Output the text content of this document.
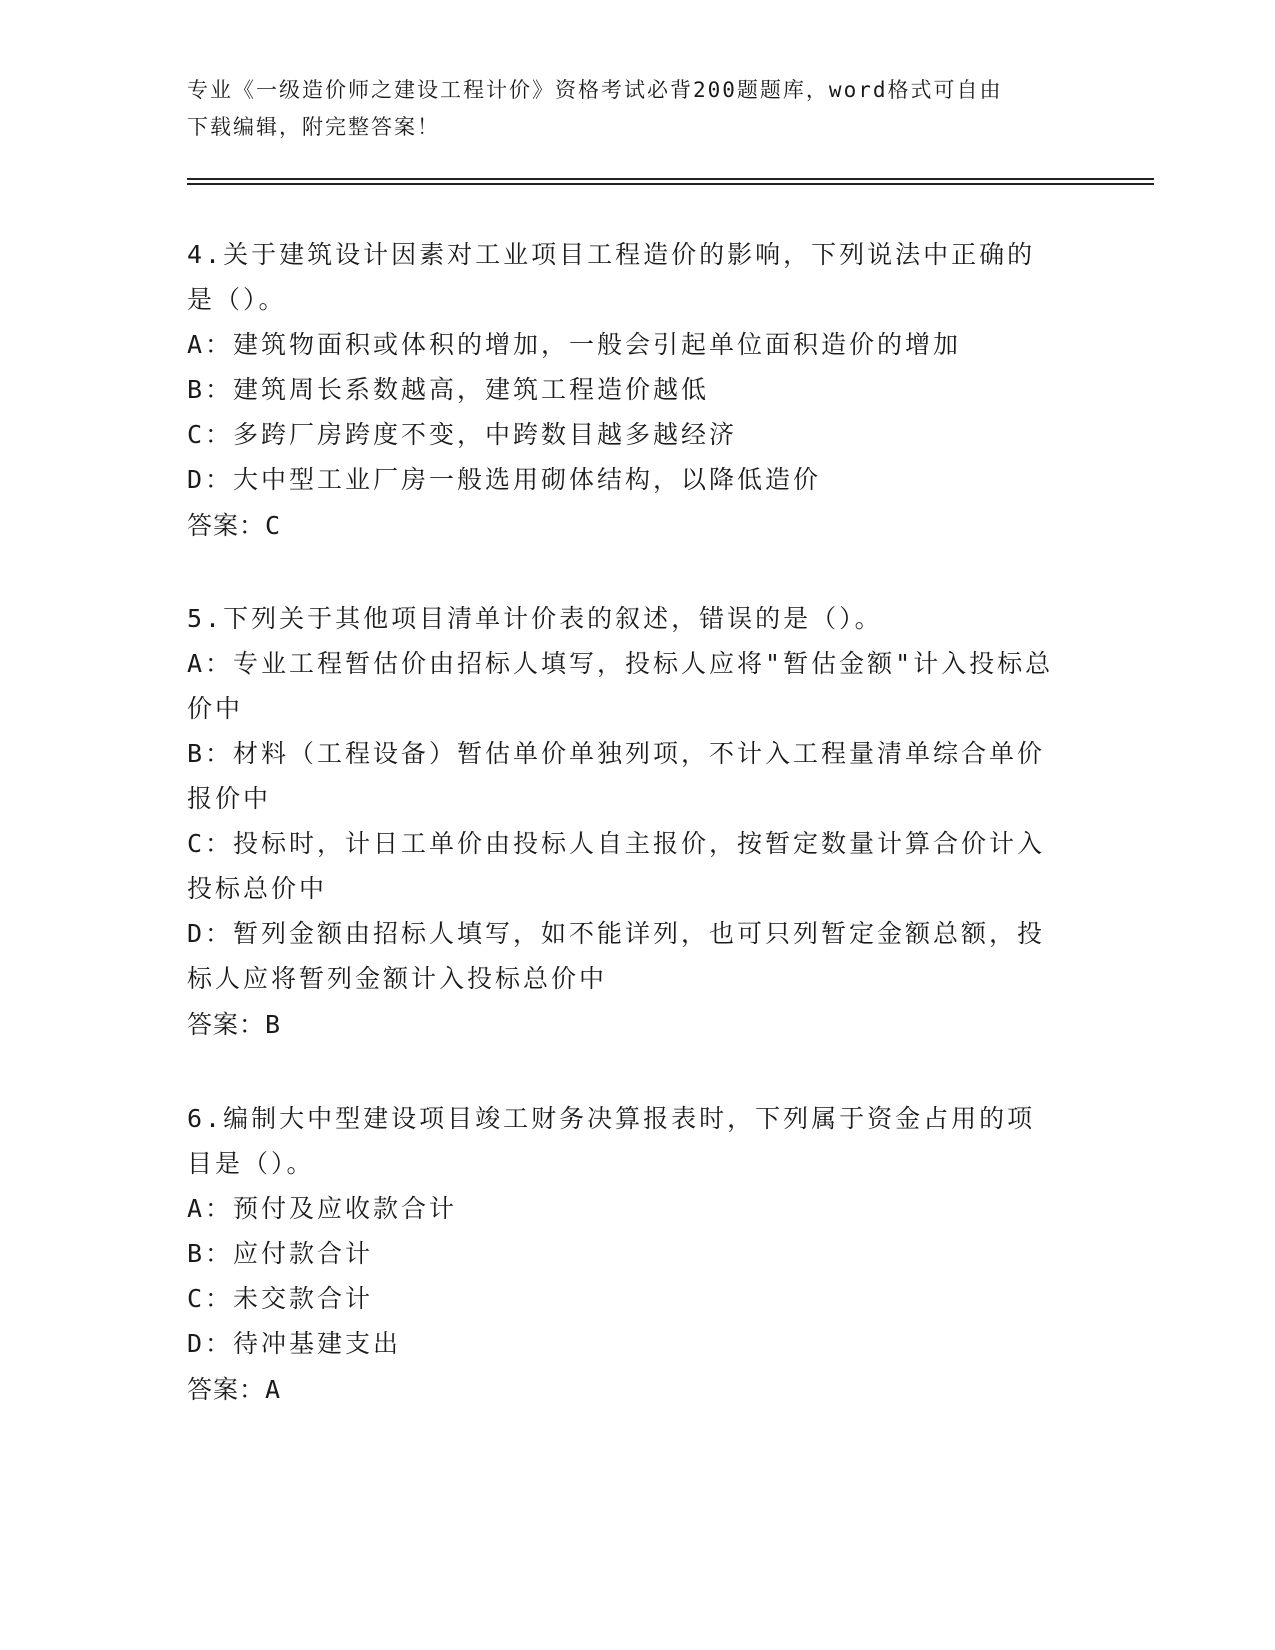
专业《一级造价师之建设工程计价》资格考试必背200题题库，word格式可自由
下载编辑，附完整答案！
4.关于建筑设计因素对工业项目工程造价的影响，下列说法中正确的
是（）。
A：建筑物面积或体积的增加，一般会引起单位面积造价的增加
B：建筑周长系数越高，建筑工程造价越低
C：多跨厂房跨度不变，中跨数目越多越经济
D：大中型工业厂房一般选用砌体结构，以降低造价
答案：C
5.下列关于其他项目清单计价表的叙述，错误的是（）。
A：专业工程暂估价由招标人填写，投标人应将"暂估金额"计入投标总
价中
B：材料（工程设备）暂估单价单独列项，不计入工程量清单综合单价
报价中
C：投标时，计日工单价由投标人自主报价，按暂定数量计算合价计入
投标总价中
D：暂列金额由招标人填写，如不能详列，也可只列暂定金额总额，投
标人应将暂列金额计入投标总价中
答案：B
6.编制大中型建设项目竣工财务决算报表时，下列属于资金占用的项
目是（）。
A：预付及应收款合计
B：应付款合计
C：未交款合计
D：待冲基建支出
答案：A
